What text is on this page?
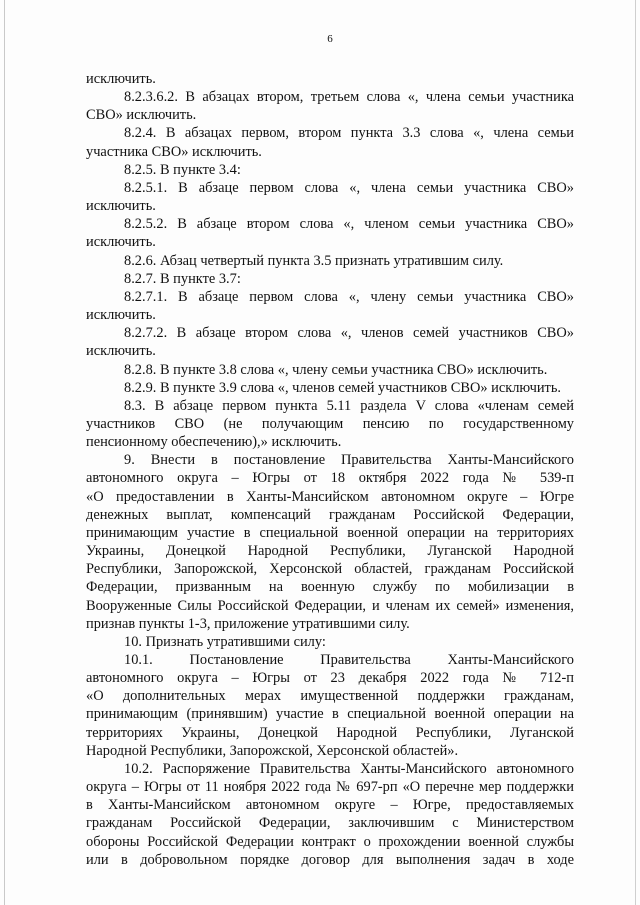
6
исключить.
8.2.3.6.2. В абзацах втором, третьем слова «, члена семьи участника
СВО» исключить.
8.2.4. В абзацах первом, втором пункта 3.3 слова «, члена семьи
участника СВО» исключить.
8.2.5. В пункте 3.4:
8.2.5.1. В абзаце первом слова «, члена семьи участника СВО»
исключить.
8.2.5.2. В абзаце втором слова «, членом семьи участника СВО»
исключить.
8.2.6. Абзац четвертый пункта 3.5 признать утратившим силу.
8.2.7. В пункте 3.7:
8.2.7.1. В абзаце первом слова «, члену семьи участника СВО»
исключить.
8.2.7.2. В абзаце втором слова «, членов семей участников СВО»
исключить.
8.2.8. В пункте 3.8 слова «, члену семьи участника СВО» исключить.
8.2.9. В пункте 3.9 слова «, членов семей участников СВО» исключить.
8.3. В абзаце первом пункта 5.11 раздела V слова «членам семей
участников СВО (не получающим пенсию по государственному
пенсионному обеспечению),» исключить.
9. Внести в постановление Правительства Ханты-Мансийского
автономного округа – Югры от 18 октября 2022 года № 539-п
«О предоставлении в Ханты-Мансийском автономном округе – Югре
денежных выплат, компенсаций гражданам Российской Федерации,
принимающим участие в специальной военной операции на территориях
Украины, Донецкой Народной Республики, Луганской Народной
Республики, Запорожской, Херсонской областей, гражданам Российской
Федерации, призванным на военную службу по мобилизации в
Вооруженные Силы Российской Федерации, и членам их семей» изменения,
признав пункты 1-3, приложение утратившими силу.
10. Признать утратившими силу:
10.1. Постановление Правительства Ханты-Мансийского
автономного округа – Югры от 23 декабря 2022 года № 712-п
«О дополнительных мерах имущественной поддержки гражданам,
принимающим (принявшим) участие в специальной военной операции на
территориях Украины, Донецкой Народной Республики, Луганской
Народной Республики, Запорожской, Херсонской областей».
10.2. Распоряжение Правительства Ханты-Мансийского автономного
округа – Югры от 11 ноября 2022 года № 697-рп «О перечне мер поддержки
в Ханты-Мансийском автономном округе – Югре, предоставляемых
гражданам Российской Федерации, заключившим с Министерством
обороны Российской Федерации контракт о прохождении военной службы
или в добровольном порядке договор для выполнения задач в ходе
